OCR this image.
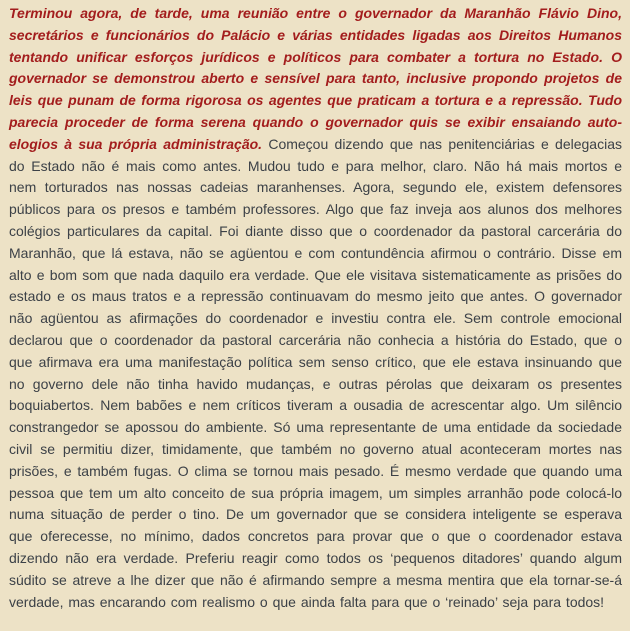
Terminou agora, de tarde, uma reunião entre o governador da Maranhão Flávio Dino, secretários e funcionários do Palácio e várias entidades ligadas aos Direitos Humanos tentando unificar esforços jurídicos e políticos para combater a tortura no Estado. O governador se demonstrou aberto e sensível para tanto, inclusive propondo projetos de leis que punam de forma rigorosa os agentes que praticam a tortura e a repressão. Tudo parecia proceder de forma serena quando o governador quis se exibir ensaiando auto-elogios à sua própria administração. Começou dizendo que nas penitenciárias e delegacias do Estado não é mais como antes. Mudou tudo e para melhor, claro. Não há mais mortos e nem torturados nas nossas cadeias maranhenses. Agora, segundo ele, existem defensores públicos para os presos e também professores. Algo que faz inveja aos alunos dos melhores colégios particulares da capital. Foi diante disso que o coordenador da pastoral carcerária do Maranhão, que lá estava, não se agüentou e com contundência afirmou o contrário. Disse em alto e bom som que nada daquilo era verdade. Que ele visitava sistematicamente as prisões do estado e os maus tratos e a repressão continuavam do mesmo jeito que antes. O governador não agüentou as afirmações do coordenador e investiu contra ele. Sem controle emocional declarou que o coordenador da pastoral carcerária não conhecia a história do Estado, que o que afirmava era uma manifestação política sem senso crítico, que ele estava insinuando que no governo dele não tinha havido mudanças, e outras pérolas que deixaram os presentes boquiabertos. Nem babões e nem críticos tiveram a ousadia de acrescentar algo. Um silêncio constrangedor se apossou do ambiente. Só uma representante de uma entidade da sociedade civil se permitiu dizer, timidamente, que também no governo atual aconteceram mortes nas prisões, e também fugas. O clima se tornou mais pesado. É mesmo verdade que quando uma pessoa que tem um alto conceito de sua própria imagem, um simples arranhão pode colocá-lo numa situação de perder o tino. De um governador que se considera inteligente se esperava que oferecesse, no mínimo, dados concretos para provar que o que o coordenador estava dizendo não era verdade. Preferiu reagir como todos os ‘pequenos ditadores’ quando algum súdito se atreve a lhe dizer que não é afirmando sempre a mesma mentira que ela tornar-se-á verdade, mas encarando com realismo o que ainda falta para que o ‘reinado’ seja para todos!
